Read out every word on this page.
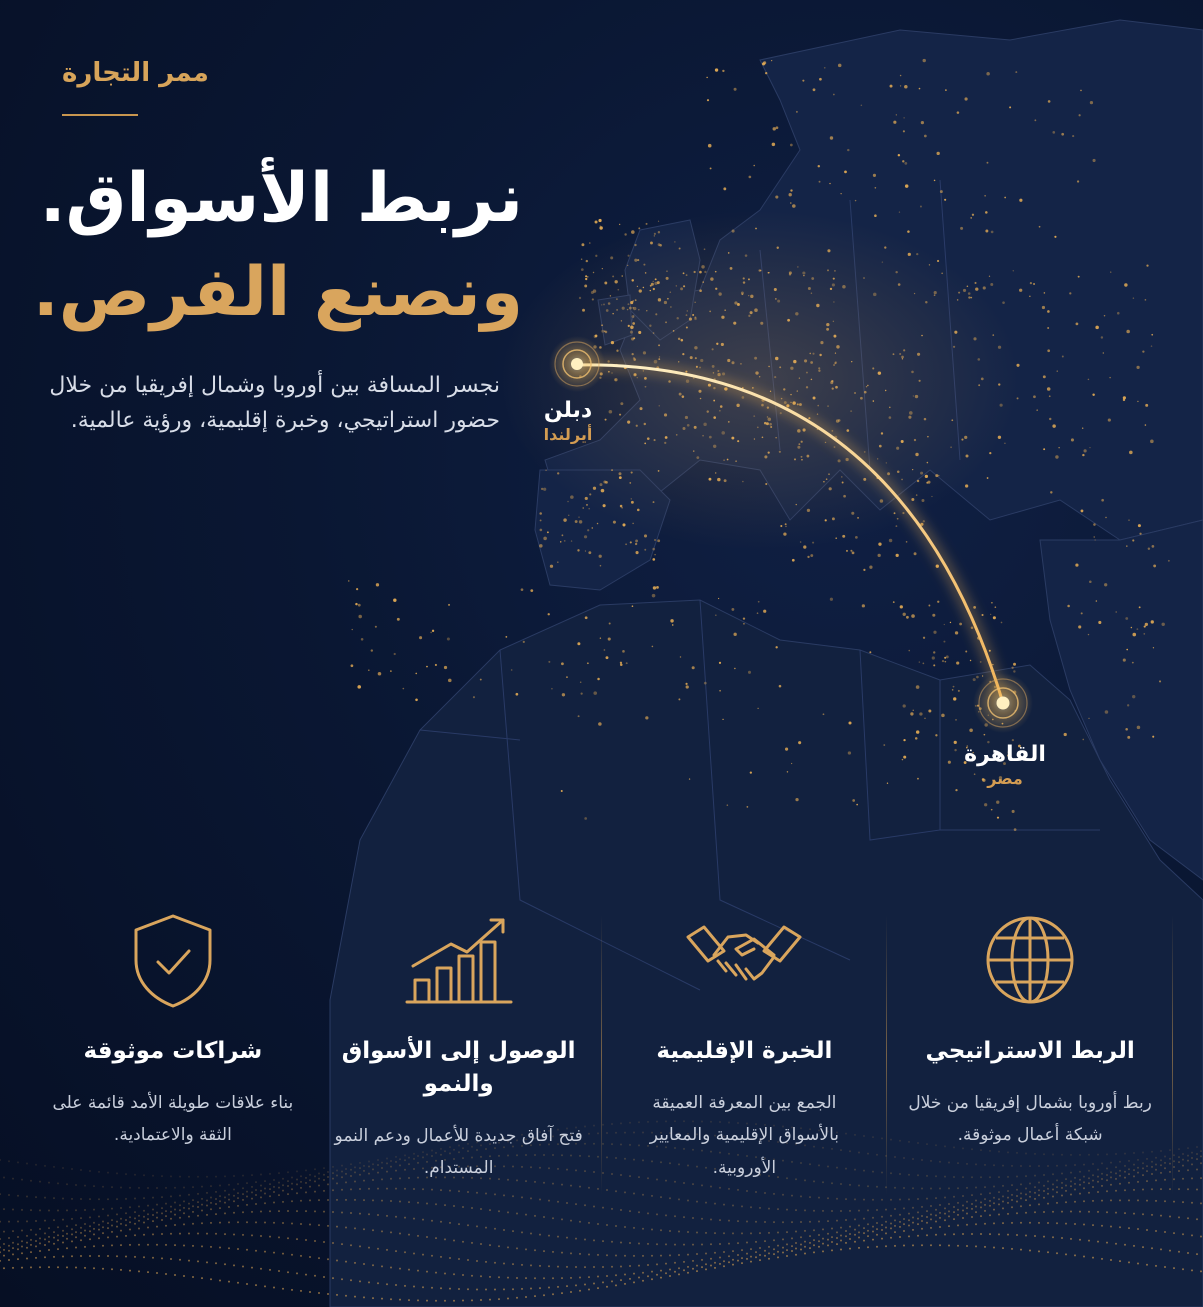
ممر التجارة
نربط الأسواق.
ونصنع الفرص.

نجسر المسافة بين أوروبا وشمال إفريقيا من خلال حضور استراتيجي، وخبرة إقليمية، ورؤية عالمية.	دبلن
أيرلندا
القاهرة
مصر
شراكات موثوقة
بناء علاقات طويلة الأمد قائمة على الثقة والاعتمادية.
الوصول إلى الأسواق والنمو
فتح آفاق جديدة للأعمال ودعم النمو المستدام.
الخبرة الإقليمية
الجمع بين المعرفة العميقة بالأسواق الإقليمية والمعايير الأوروبية.
الربط الاستراتيجي
ربط أوروبا بشمال إفريقيا من خلال شبكة أعمال موثوقة.
